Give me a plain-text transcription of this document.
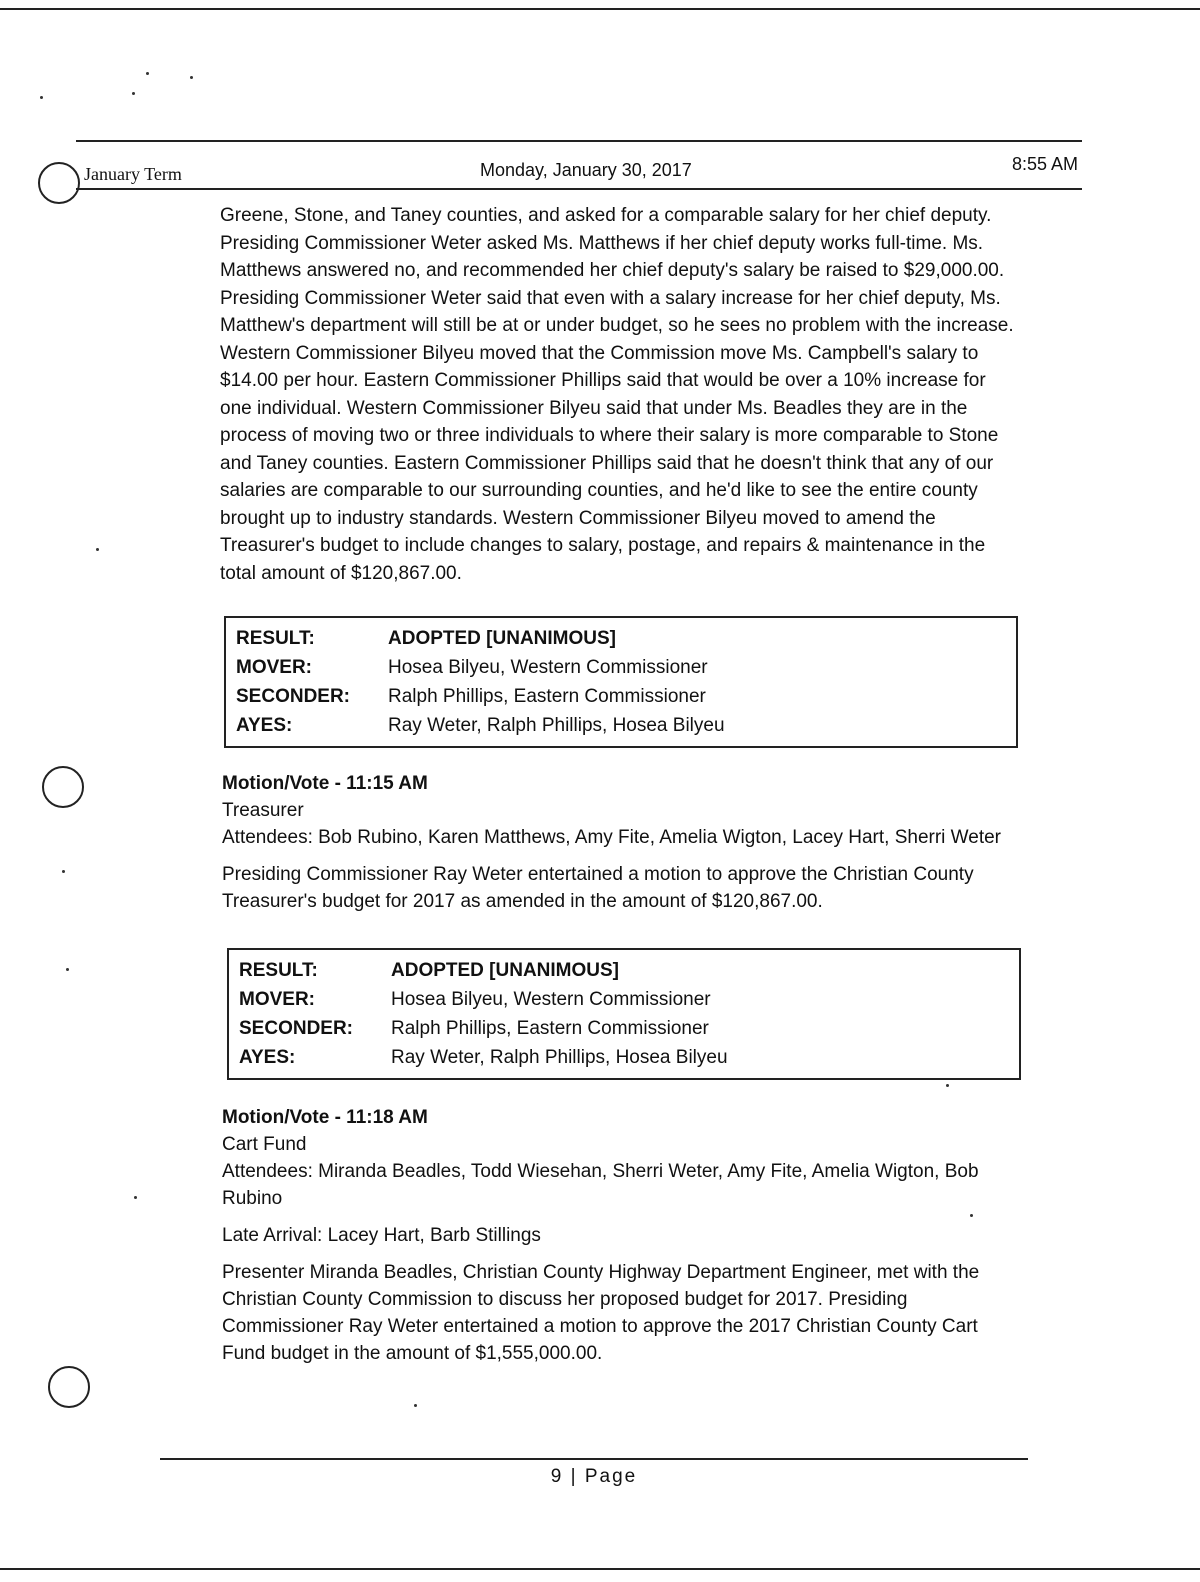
January Term	Monday, January 30, 2017	8:55 AM

Greene, Stone, and Taney counties, and asked for a comparable salary for her chief deputy. Presiding Commissioner Weter asked Ms. Matthews if her chief deputy works full-time. Ms. Matthews answered no, and recommended her chief deputy's salary be raised to $29,000.00. Presiding Commissioner Weter said that even with a salary increase for her chief deputy, Ms. Matthew's department will still be at or under budget, so he sees no problem with the increase. Western Commissioner Bilyeu moved that the Commission move Ms. Campbell's salary to $14.00 per hour. Eastern Commissioner Phillips said that would be over a 10% increase for one individual. Western Commissioner Bilyeu said that under Ms. Beadles they are in the process of moving two or three individuals to where their salary is more comparable to Stone and Taney counties. Eastern Commissioner Phillips said that he doesn't think that any of our salaries are comparable to our surrounding counties, and he'd like to see the entire county brought up to industry standards. Western Commissioner Bilyeu moved to amend the Treasurer's budget to include changes to salary, postage, and repairs & maintenance in the total amount of $120,867.00.

RESULT:	ADOPTED [UNANIMOUS]
MOVER:	Hosea Bilyeu, Western Commissioner
SECONDER:	Ralph Phillips, Eastern Commissioner
AYES:	Ray Weter, Ralph Phillips, Hosea Bilyeu
Motion/Vote - 11:15 AM
Treasurer
Attendees: Bob Rubino, Karen Matthews, Amy Fite, Amelia Wigton, Lacey Hart, Sherri Weter
Presiding Commissioner Ray Weter entertained a motion to approve the Christian County Treasurer's budget for 2017 as amended in the amount of $120,867.00.
RESULT:	ADOPTED [UNANIMOUS]
MOVER:	Hosea Bilyeu, Western Commissioner
SECONDER:	Ralph Phillips, Eastern Commissioner
AYES:	Ray Weter, Ralph Phillips, Hosea Bilyeu
Motion/Vote - 11:18 AM
Cart Fund
Attendees: Miranda Beadles, Todd Wiesehan, Sherri Weter, Amy Fite, Amelia Wigton, Bob Rubino
Late Arrival: Lacey Hart, Barb Stillings
Presenter Miranda Beadles, Christian County Highway Department Engineer, met with the Christian County Commission to discuss her proposed budget for 2017. Presiding Commissioner Ray Weter entertained a motion to approve the 2017 Christian County Cart Fund budget in the amount of $1,555,000.00.
9 | Page
